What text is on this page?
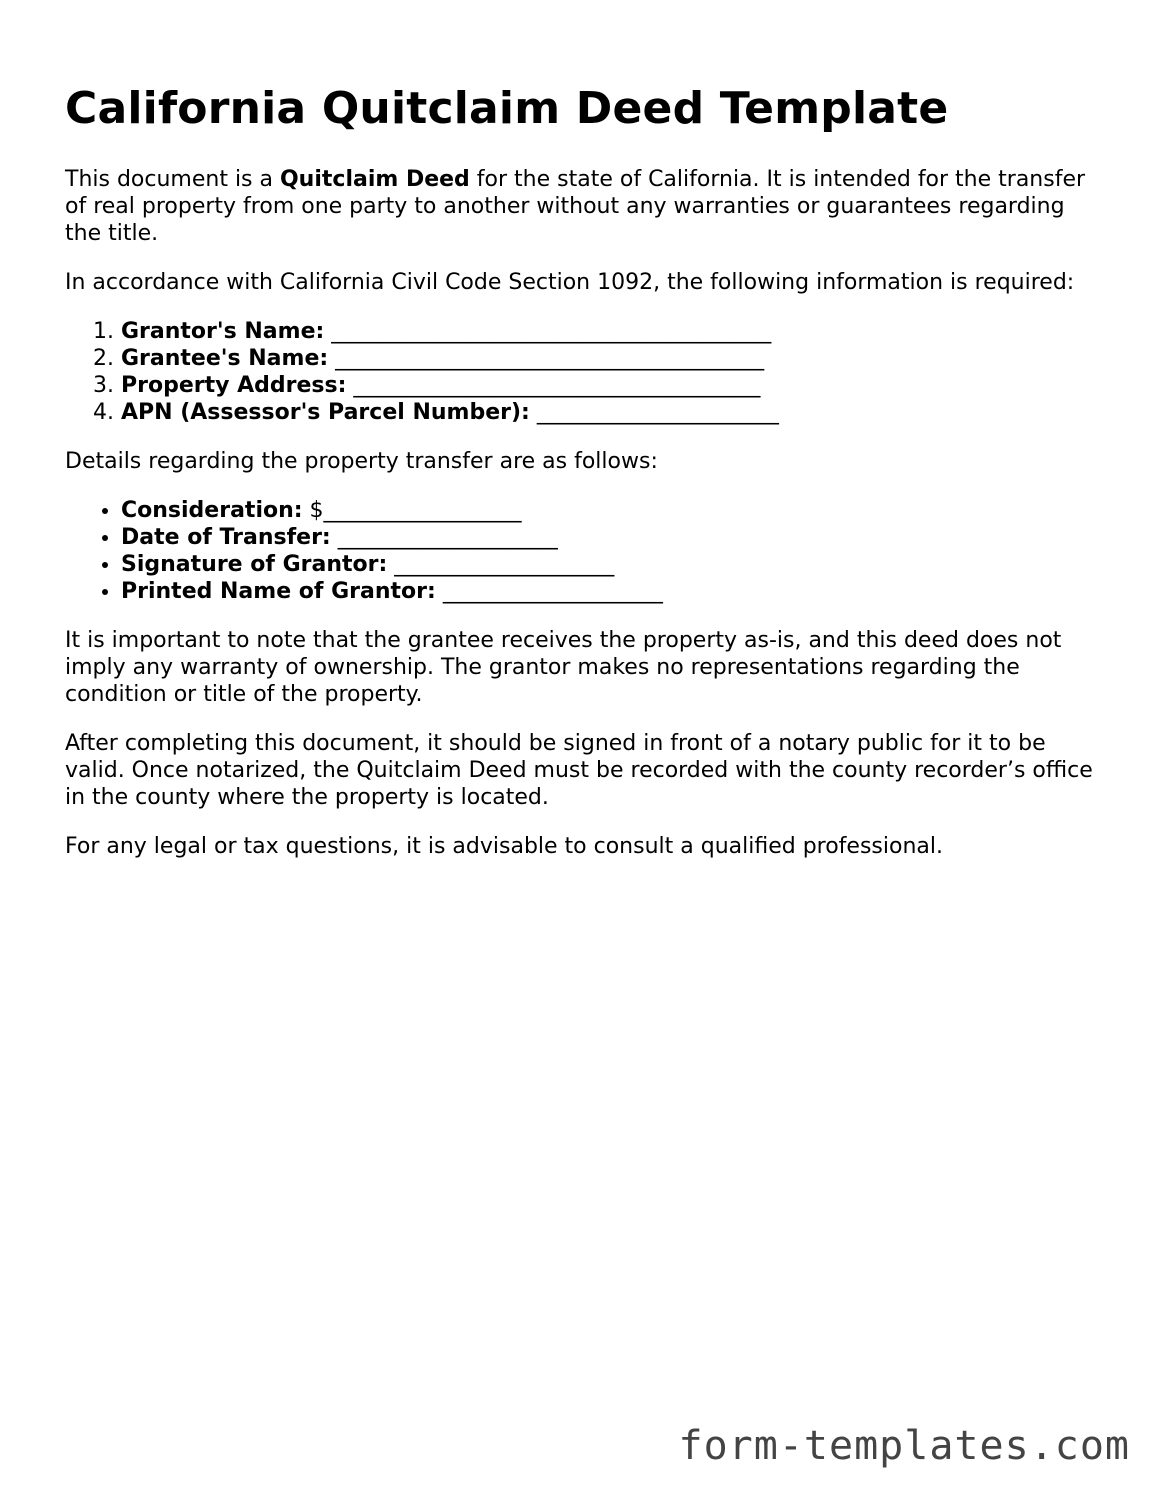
California Quitclaim Deed Template

This document is a Quitclaim Deed for the state of California. It is intended for the transfer of real property from one party to another without any warranties or guarantees regarding the title.

In accordance with California Civil Code Section 1092, the following information is required:

1. Grantor's Name: ________________________________________
2. Grantee's Name: _______________________________________
3. Property Address: _____________________________________
4. APN (Assessor's Parcel Number): ______________________

Details regarding the property transfer are as follows:

• Consideration: $__________________
• Date of Transfer: ____________________
• Signature of Grantor: ____________________
• Printed Name of Grantor: ____________________

It is important to note that the grantee receives the property as-is, and this deed does not imply any warranty of ownership. The grantor makes no representations regarding the condition or title of the property.

After completing this document, it should be signed in front of a notary public for it to be valid. Once notarized, the Quitclaim Deed must be recorded with the county recorder’s office in the county where the property is located.

For any legal or tax questions, it is advisable to consult a qualified professional.

form-templates.com
